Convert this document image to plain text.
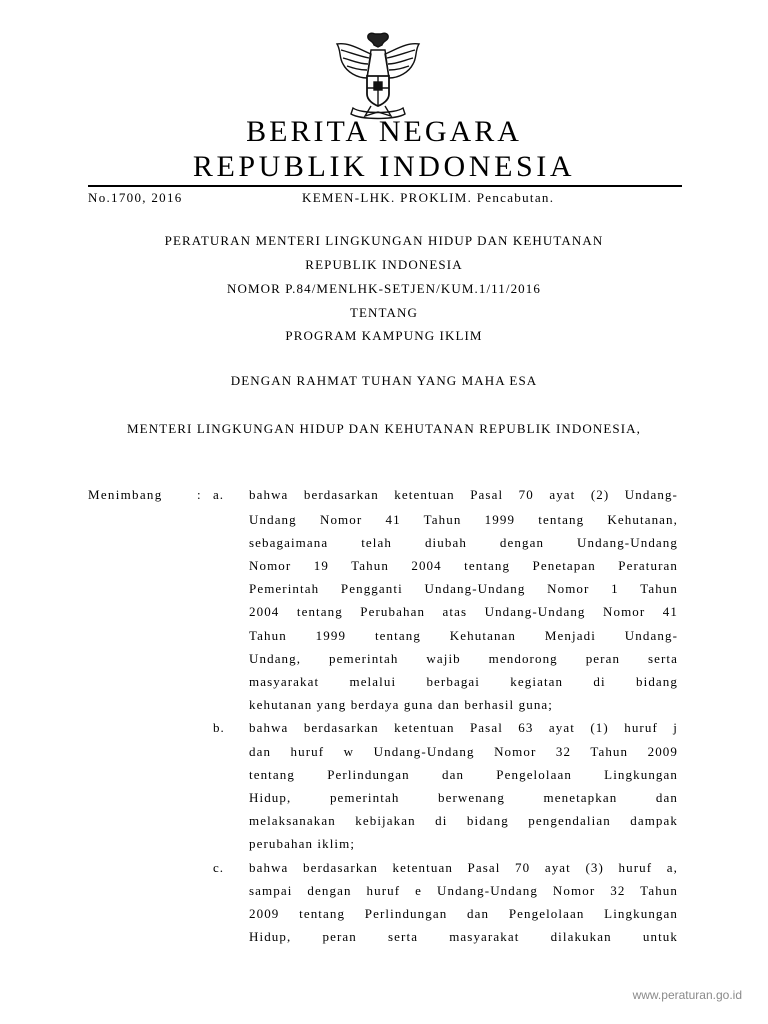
BERITA NEGARA
REPUBLIK INDONESIA
No.1700, 2016	KEMEN-LHK. PROKLIM. Pencabutan.
PERATURAN MENTERI LINGKUNGAN HIDUP DAN KEHUTANAN
REPUBLIK INDONESIA
NOMOR P.84/MENLHK-SETJEN/KUM.1/11/2016
TENTANG
PROGRAM KAMPUNG IKLIM
DENGAN RAHMAT TUHAN YANG MAHA ESA
MENTERI LINGKUNGAN HIDUP DAN KEHUTANAN REPUBLIK INDONESIA,
Menimbang	: a. bahwa berdasarkan ketentuan Pasal 70 ayat (2) Undang-
Undang Nomor 41 Tahun 1999 tentang Kehutanan,
sebagaimana telah diubah dengan Undang-Undang
Nomor 19 Tahun 2004 tentang Penetapan Peraturan
Pemerintah Pengganti Undang-Undang Nomor 1 Tahun
2004 tentang Perubahan atas Undang-Undang Nomor 41
Tahun 1999 tentang Kehutanan Menjadi Undang-
Undang, pemerintah wajib mendorong peran serta
masyarakat melalui berbagai kegiatan di bidang
kehutanan yang berdaya guna dan berhasil guna;
b. bahwa berdasarkan ketentuan Pasal 63 ayat (1) huruf j
dan huruf w Undang-Undang Nomor 32 Tahun 2009
tentang Perlindungan dan Pengelolaan Lingkungan
Hidup, pemerintah berwenang menetapkan dan
melaksanakan kebijakan di bidang pengendalian dampak
perubahan iklim;
c. bahwa berdasarkan ketentuan Pasal 70 ayat (3) huruf a,
sampai dengan huruf e Undang-Undang Nomor 32 Tahun
2009 tentang Perlindungan dan Pengelolaan Lingkungan
Hidup, peran serta masyarakat dilakukan untuk
www.peraturan.go.id
